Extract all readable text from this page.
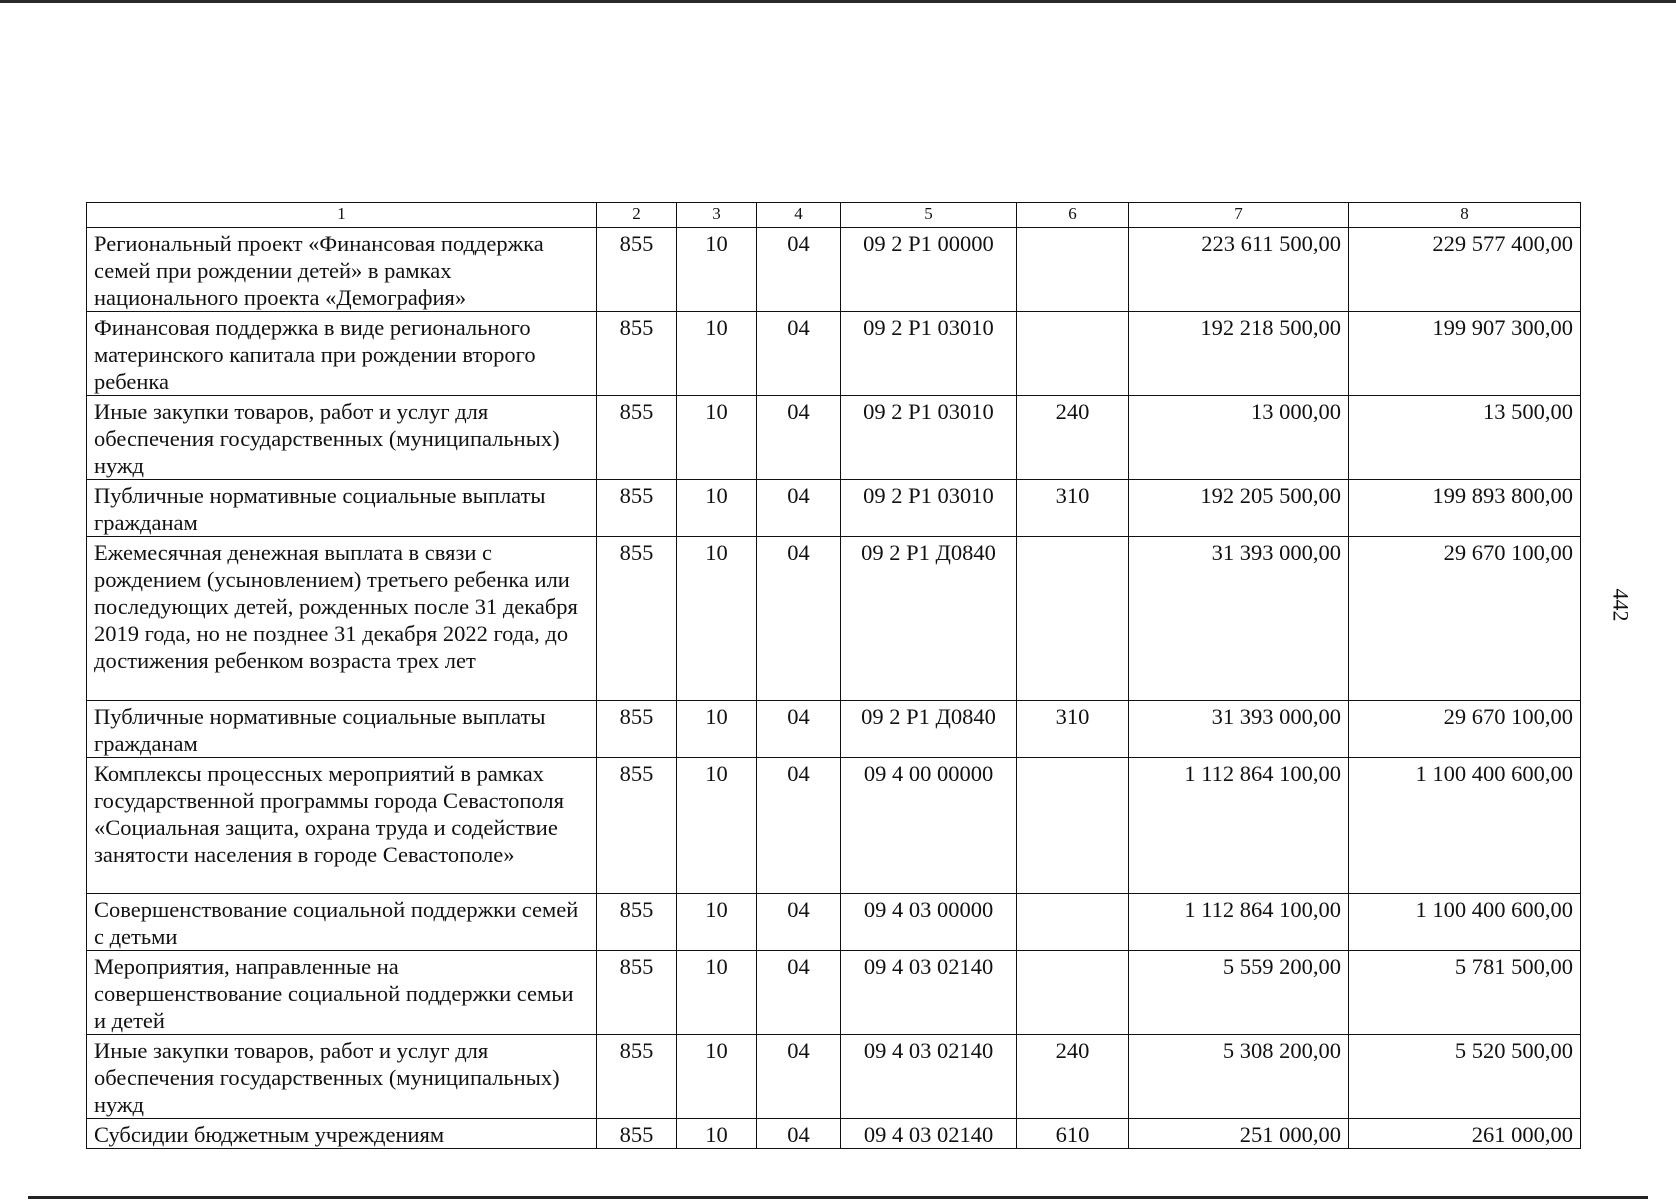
1	2	3	4	5	6	7	8
Региональный проект «Финансовая поддержка семей при рождении детей» в рамках национального проекта «Демография»	855	10	04	09 2 Р1 00000		223 611 500,00	229 577 400,00
Финансовая поддержка в виде регионального материнского капитала при рождении второго ребенка	855	10	04	09 2 Р1 03010		192 218 500,00	199 907 300,00
Иные закупки товаров, работ и услуг для обеспечения государственных (муниципальных) нужд	855	10	04	09 2 Р1 03010	240	13 000,00	13 500,00
Публичные нормативные социальные выплаты гражданам	855	10	04	09 2 Р1 03010	310	192 205 500,00	199 893 800,00
Ежемесячная денежная выплата в связи с рождением (усыновлением) третьего ребенка или последующих детей, рожденных после 31 декабря 2019 года, но не позднее 31 декабря 2022 года, до достижения ребенком возраста трех лет	855	10	04	09 2 Р1 Д0840		31 393 000,00	29 670 100,00
Публичные нормативные социальные выплаты гражданам	855	10	04	09 2 Р1 Д0840	310	31 393 000,00	29 670 100,00
Комплексы процессных мероприятий в рамках государственной программы города Севастополя «Социальная защита, охрана труда и содействие занятости населения в городе Севастополе»	855	10	04	09 4 00 00000		1 112 864 100,00	1 100 400 600,00
Совершенствование социальной поддержки семей с детьми	855	10	04	09 4 03 00000		1 112 864 100,00	1 100 400 600,00
Мероприятия, направленные на совершенствование социальной поддержки семьи и детей	855	10	04	09 4 03 02140		5 559 200,00	5 781 500,00
Иные закупки товаров, работ и услуг для обеспечения государственных (муниципальных) нужд	855	10	04	09 4 03 02140	240	5 308 200,00	5 520 500,00
Субсидии бюджетным учреждениям	855	10	04	09 4 03 02140	610	251 000,00	261 000,00
442
